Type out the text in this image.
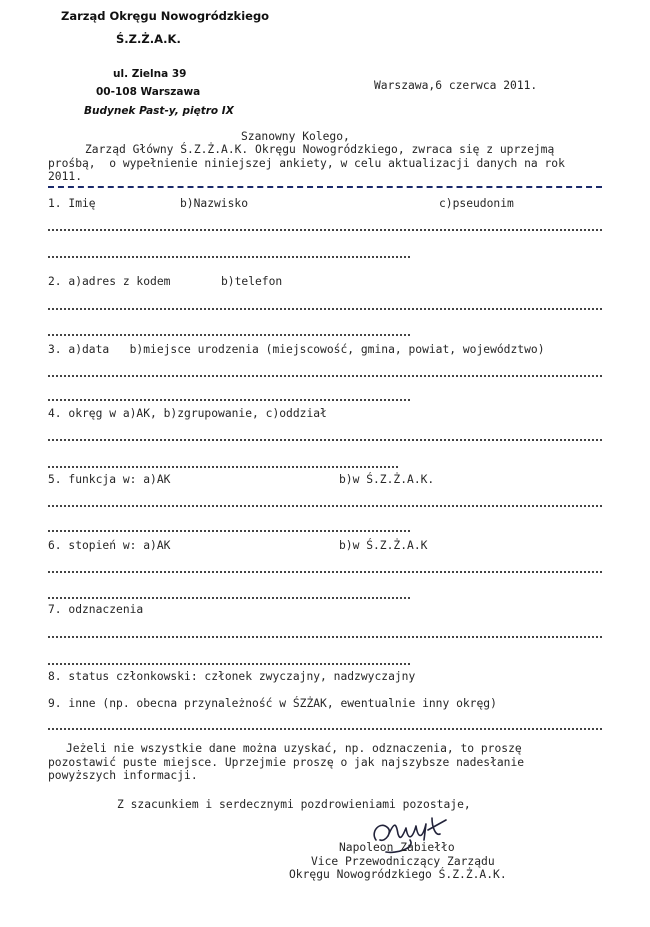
Zarząd Okręgu Nowogródzkiego
Ś.Z.Ż.A.K.
ul. Zielna 39
00-108 Warszawa
Budynek Past-y, piętro IX
Warszawa,6 czerwca 2011.
Szanowny Kolego,
Zarząd Główny Ś.Z.Ż.A.K. Okręgu Nowogródzkiego, zwraca się z uprzejmą
prośbą,  o wypełnienie niniejszej ankiety, w celu aktualizacji danych na rok
2011.
1. Imię	b)Nazwisko	c)pseudonim
2. a)adres z kodem	b)telefon
3. a)data   b)miejsce urodzenia (miejscowość, gmina, powiat, województwo)
4. okręg w a)AK, b)zgrupowanie, c)oddział
5. funkcja w: a)AK	b)w Ś.Z.Ż.A.K.
6. stopień w: a)AK	b)w Ś.Z.Ż.A.K
7. odznaczenia
8. status członkowski: członek zwyczajny, nadzwyczajny
9. inne (np. obecna przynależność w ŚZŻAK, ewentualnie inny okręg)
Jeżeli nie wszystkie dane można uzyskać, np. odznaczenia, to proszę
pozostawić puste miejsce. Uprzejmie proszę o jak najszybsze nadesłanie
powyższych informacji.
Z szacunkiem i serdecznymi pozdrowieniami pozostaje,
Napoleon Zabiełło
Vice Przewodniczący Zarządu
Okręgu Nowogródzkiego Ś.Z.Ż.A.K.
